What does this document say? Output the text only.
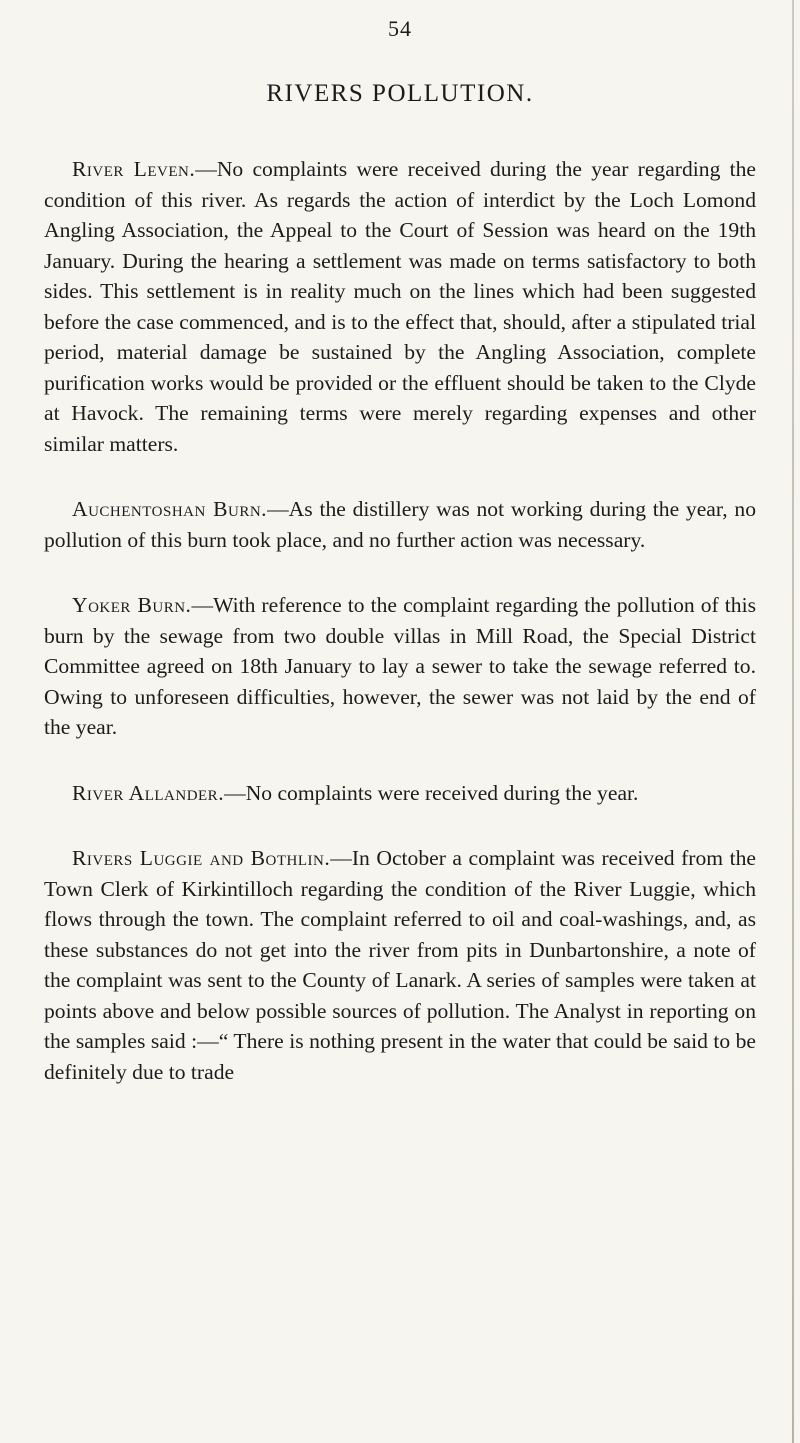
54
RIVERS POLLUTION.

River Leven.—No complaints were received during the year regarding the condition of this river. As regards the action of interdict by the Loch Lomond Angling Association, the Appeal to the Court of Session was heard on the 19th January. During the hearing a settlement was made on terms satisfactory to both sides. This settlement is in reality much on the lines which had been suggested before the case commenced, and is to the effect that, should, after a stipulated trial period, material damage be sustained by the Angling Association, complete purification works would be provided or the effluent should be taken to the Clyde at Havock. The remaining terms were merely regarding expenses and other similar matters.

Auchentoshan Burn.—As the distillery was not working during the year, no pollution of this burn took place, and no further action was necessary.

Yoker Burn.—With reference to the complaint regarding the pollution of this burn by the sewage from two double villas in Mill Road, the Special District Committee agreed on 18th January to lay a sewer to take the sewage referred to. Owing to unforeseen difficulties, however, the sewer was not laid by the end of the year.

River Allander.—No complaints were received during the year.

Rivers Luggie and Bothlin.—In October a complaint was received from the Town Clerk of Kirkintilloch regarding the condition of the River Luggie, which flows through the town. The complaint referred to oil and coal-washings, and, as these substances do not get into the river from pits in Dunbartonshire, a note of the complaint was sent to the County of Lanark. A series of samples were taken at points above and below possible sources of pollution. The Analyst in reporting on the samples said :—“ There is nothing present in the water that could be said to be definitely due to trade
